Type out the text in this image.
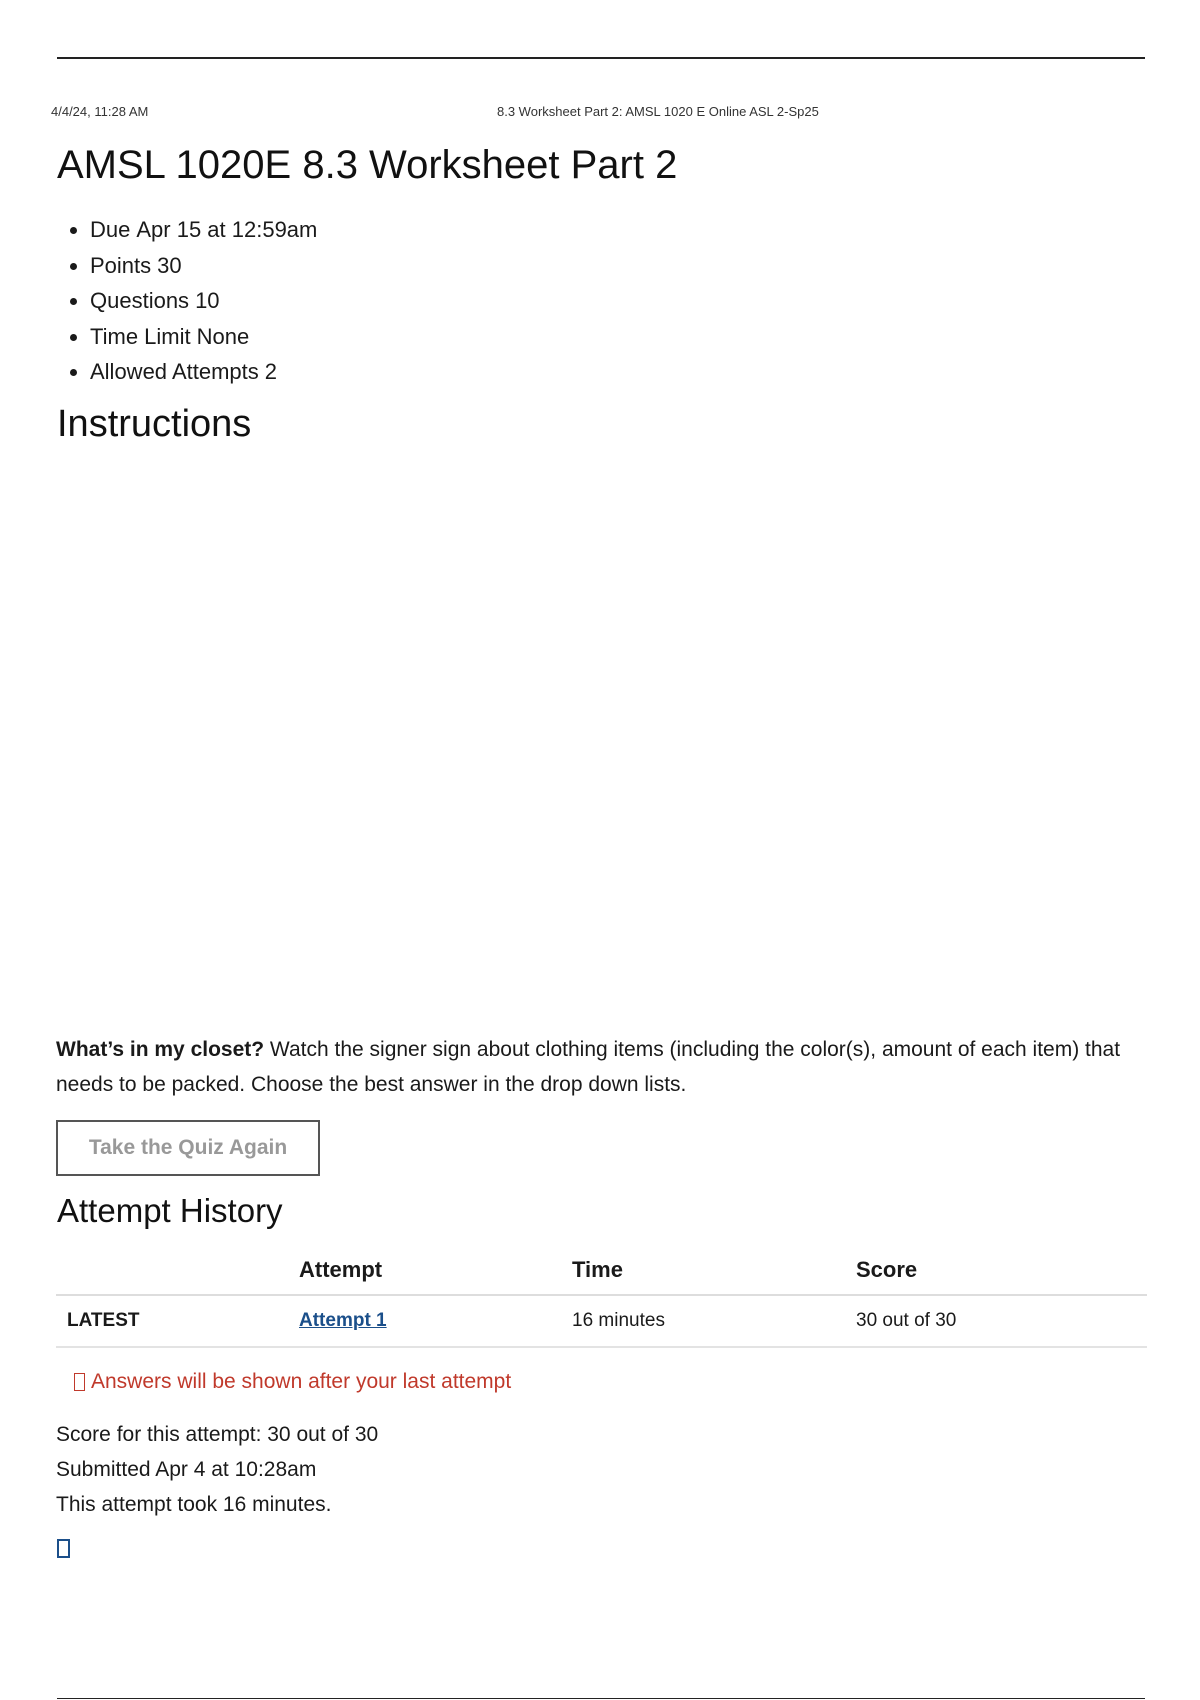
4/4/24, 11:28 AM	8.3 Worksheet Part 2: AMSL 1020 E Online ASL 2-Sp25
AMSL 1020E 8.3 Worksheet Part 2
• Due Apr 15 at 12:59am
• Points 30
• Questions 10
• Time Limit None
• Allowed Attempts 2
Instructions

What’s in my closet? Watch the signer sign about clothing items (including the color(s), amount of each item) that needs to be packed. Choose the best answer in the drop down lists.

Take the Quiz Again
Attempt History
	Attempt	Time	Score
LATEST	Attempt 1	16 minutes	30 out of 30
Answers will be shown after your last attempt

Score for this attempt: 30 out of 30

Submitted Apr 4 at 10:28am

This attempt took 16 minutes.
